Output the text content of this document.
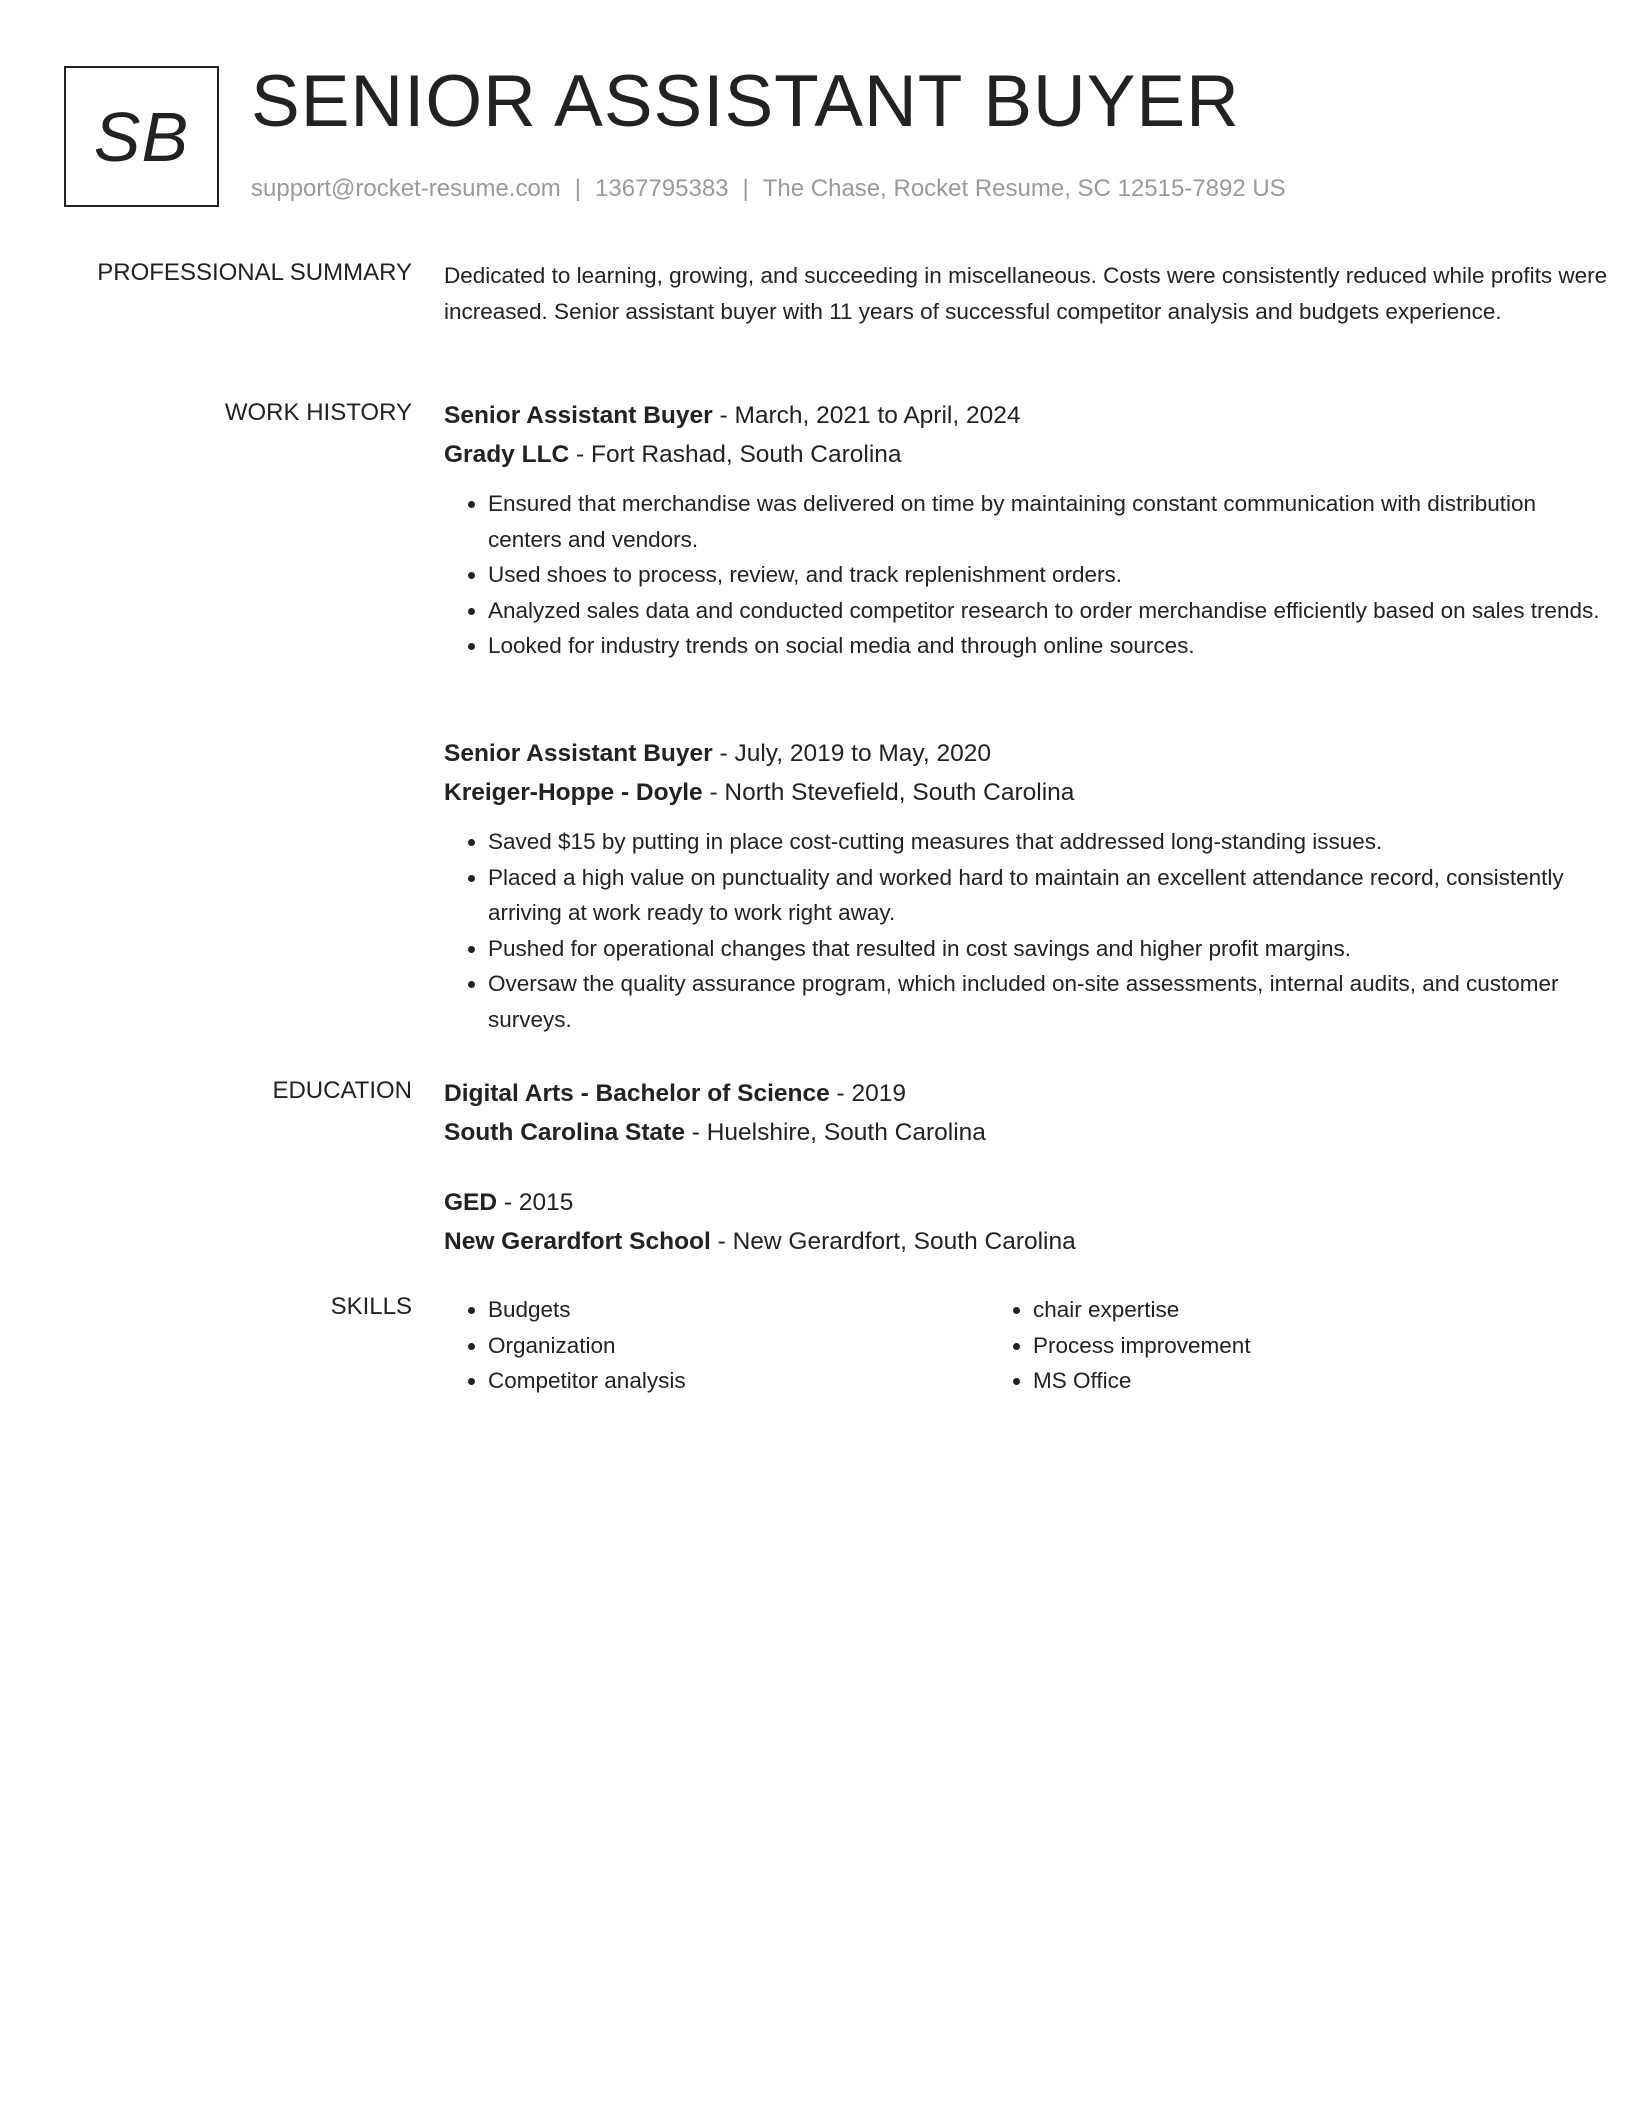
SB SENIOR ASSISTANT BUYER
support@rocket-resume.com | 1367795383 | The Chase, Rocket Resume, SC 12515-7892 US
PROFESSIONAL SUMMARY Dedicated to learning, growing, and succeeding in miscellaneous. Costs were consistently reduced while profits were increased. Senior assistant buyer with 11 years of successful competitor analysis and budgets experience.

WORK HISTORY Senior Assistant Buyer - March, 2021 to April, 2024
Grady LLC - Fort Rashad, South Carolina
• Ensured that merchandise was delivered on time by maintaining constant communication with distribution centers and vendors.
• Used shoes to process, review, and track replenishment orders.
• Analyzed sales data and conducted competitor research to order merchandise efficiently based on sales trends.
• Looked for industry trends on social media and through online sources.
Senior Assistant Buyer - July, 2019 to May, 2020
Kreiger-Hoppe - Doyle - North Stevefield, South Carolina
• Saved $15 by putting in place cost-cutting measures that addressed long-standing issues.
• Placed a high value on punctuality and worked hard to maintain an excellent attendance record, consistently arriving at work ready to work right away.
• Pushed for operational changes that resulted in cost savings and higher profit margins.
• Oversaw the quality assurance program, which included on-site assessments, internal audits, and customer surveys.
EDUCATION Digital Arts - Bachelor of Science - 2019
South Carolina State - Huelshire, South Carolina
GED - 2015
New Gerardfort School - New Gerardfort, South Carolina
SKILLS
•	Budgets
• Organization
• Competitor analysis
• chair expertise
• Process improvement
• MS Office
